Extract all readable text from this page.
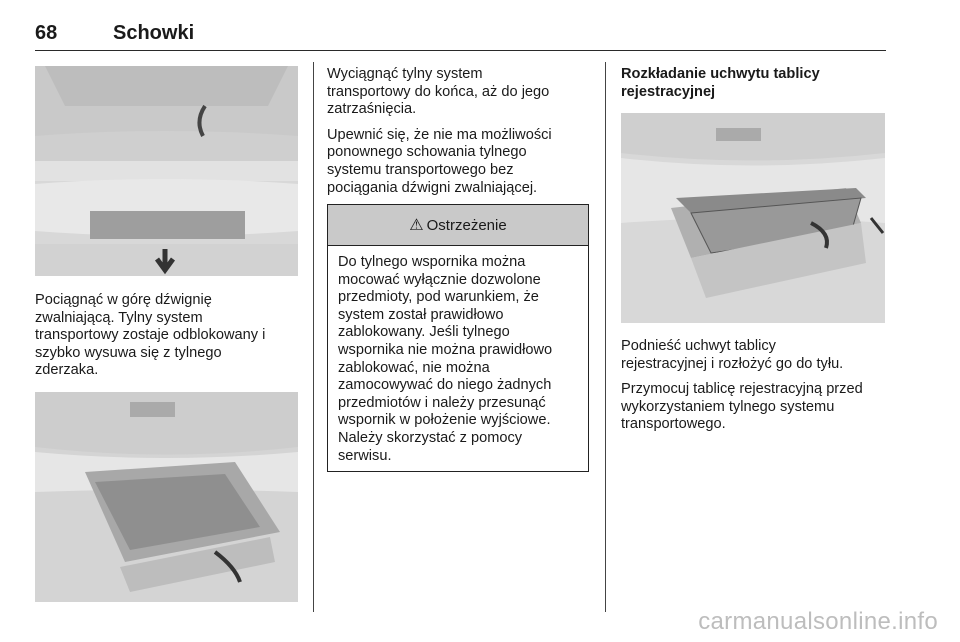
68	Schowki

Pociągnąć w górę dźwignię
zwalniającą. Tylny system
transportowy zostaje odblokowany i
szybko wysuwa się z tylnego
zderzaka.

Wyciągnąć tylny system
transportowy do końca, aż do jego
zatrzaśnięcia.

Upewnić się, że nie ma możliwości
ponownego schowania tylnego
systemu transportowego bez
pociągania dźwigni zwalniającej.

⚠ Ostrzeżenie
Do tylnego wspornika można
mocować wyłącznie dozwolone
przedmioty, pod warunkiem, że
system został prawidłowo
zablokowany. Jeśli tylnego
wspornika nie można prawidłowo
zablokować, nie można
zamocowywać do niego żadnych
przedmiotów i należy przesunąć
wspornik w położenie wyjściowe.
Należy skorzystać z pomocy
serwisu.
Rozkładanie uchwytu tablicy
rejestracyjnej

Podnieść uchwyt tablicy
rejestracyjnej i rozłożyć go do tyłu.

Przymocuj tablicę rejestracyjną przed
wykorzystaniem tylnego systemu
transportowego.

carmanualsonline.info
